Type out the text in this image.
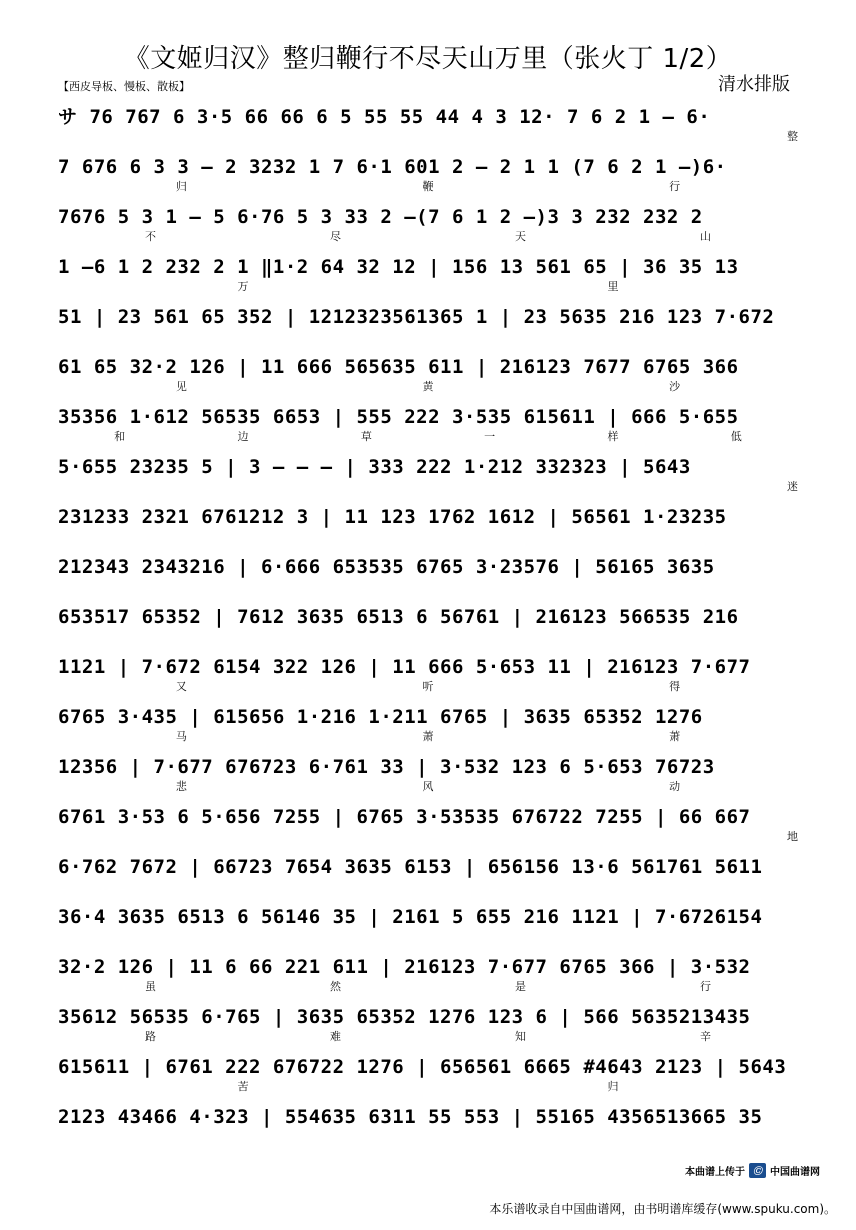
《文姬归汉》整归鞭行不尽天山万里（张火丁 1/2）
清水排版
【西皮导板、慢板、散板】
サ 76 767 6 3·5 66 66 6 5 55 55 44 4 3 12· 7 6 2 1 – 6·
整
7 676 6 3 3 – 2 3232 1 7 6·1 601 2 – 2 1 1 (7 6 2 1 –)6·
归	鞭	行
7676 5 3 1 – 5 6·76 5 3 33 2 –(7 6 1 2 –)3 3 232 232 2
不	尽	天	山
1 –6 1 2 232 2 1 ‖1·2 64 32 12 | 156 13 561 65 | 36 35 13
万	里
51 | 23 561 65 352 | 1212323561365 1 | 23 5635 216 123 7·672
61 65 32·2 126 | 11 666 565635 611 | 216123 7677 6765 366
见	黄	沙
35356 1·612 56535 6653 | 555 222 3·535 615611 | 666 5·655
和	边	草	一	样	低
5·655 23235 5 | 3 – – – | 333 222 1·212 332323 | 5643
迷
231233 2321 6761212 3 | 11 123 1762 1612 | 56561 1·23235
212343 2343216 | 6·666 653535 6765 3·23576 | 56165 3635
653517 65352 | 7612 3635 6513 6 56761 | 216123 566535 216
1121 | 7·672 6154 322 126 | 11 666 5·653 11 | 216123 7·677
又	听	得
6765 3·435 | 615656 1·216 1·211 6765 | 3635 65352 1276
马	萧	萧
12356 | 7·677 676723 6·761 33 | 3·532 123 6 5·653 76723
悲	风	动
6761 3·53 6 5·656 7255 | 6765 3·53535 676722 7255 | 66 667
地
6·762 7672 | 66723 7654 3635 6153 | 656156 13·6 561761 5611
36·4 3635 6513 6 56146 35 | 2161 5 655 216 1121 | 7·6726154
32·2 126 | 11 6 66 221 611 | 216123 7·677 6765 366 | 3·532
虽	然	是	行
35612 56535 6·765 | 3635 65352 1276 123 6 | 566 5635213435
路	难	知	辛
615611 | 6761 222 676722 1276 | 656561 6665 #4643 2123 | 5643
苦	归
2123 43466 4·323 | 554635 6311 55 553 | 55165 4356513665 35
本曲谱上传于 Ⓒ 中国曲谱网
本乐谱收录自中国曲谱网，由书明谱库缓存(www.spuku.com)。
